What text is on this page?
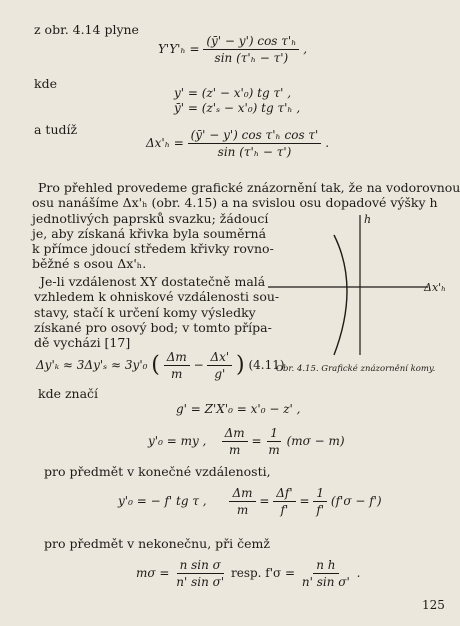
z obr. 4.14 plyne
$Y'Y'_h = \frac{\text{(ȳ' − y') cos τ'ₕ}}{\text{sin (τ'ₕ − τ')}}$ ,
kde
y' = (z' − x'₀) tg τ' ,
ȳ' = (z'ₛ − x'₀) tg τ'ₕ ,
a tudíž
$\Delta x'_h = \frac{\text{(ȳ' − y') cos τ'ₕ cos τ'}}{\text{sin (τ'ₕ − τ')}}$ .
Pro přehled provedeme grafické znázornění tak, že na vodorovnou
osu nanášíme Δx'ₕ (obr. 4.15) a na svislou osu dopadové výšky h
jednotlivých paprsků svazku; žádoucí
je, aby získaná křivka byla souměrná
k přímce jdoucí středem křivky rovno-
běžné s osou Δx'ₕ.
Je-li vzdálenost XY dostatečně malá
vzhledem k ohniskové vzdálenosti sou-
stavy, stačí k určení komy výsledky
získané pro osový bod; v tomto přípa-
dě vycházi [17]
Δy'ₖ ≈ 3Δy'ₛ ≈ 3y'₀ ( $\frac{\Delta m}{m} - \frac{\Delta x'}{g'}$ ) (4.11)
h
Δx'ₕ
Obr. 4.15. Grafické znázornění komy.
kde značí
g' = Z'X'₀ = x'₀ − z' ,
y'₀ = my , $\frac{\Delta m}{m} = \frac{1}{m} (m\sigma - m)$
pro předmět v konečné vzdálenosti,
y'₀ = − f' tg τ , $\frac{\Delta m}{m} = \frac{\Delta f'}{f'} = \frac{1}{f'} (f'\sigma - f')$
pro předmět v nekonečnu, při čemž
$m\sigma = \frac{\text{n sin σ}}{\text{n' sin σ'}}$ resp. $f'\sigma = \frac{\text{n h}}{\text{n' sin σ'}}$ .
125
